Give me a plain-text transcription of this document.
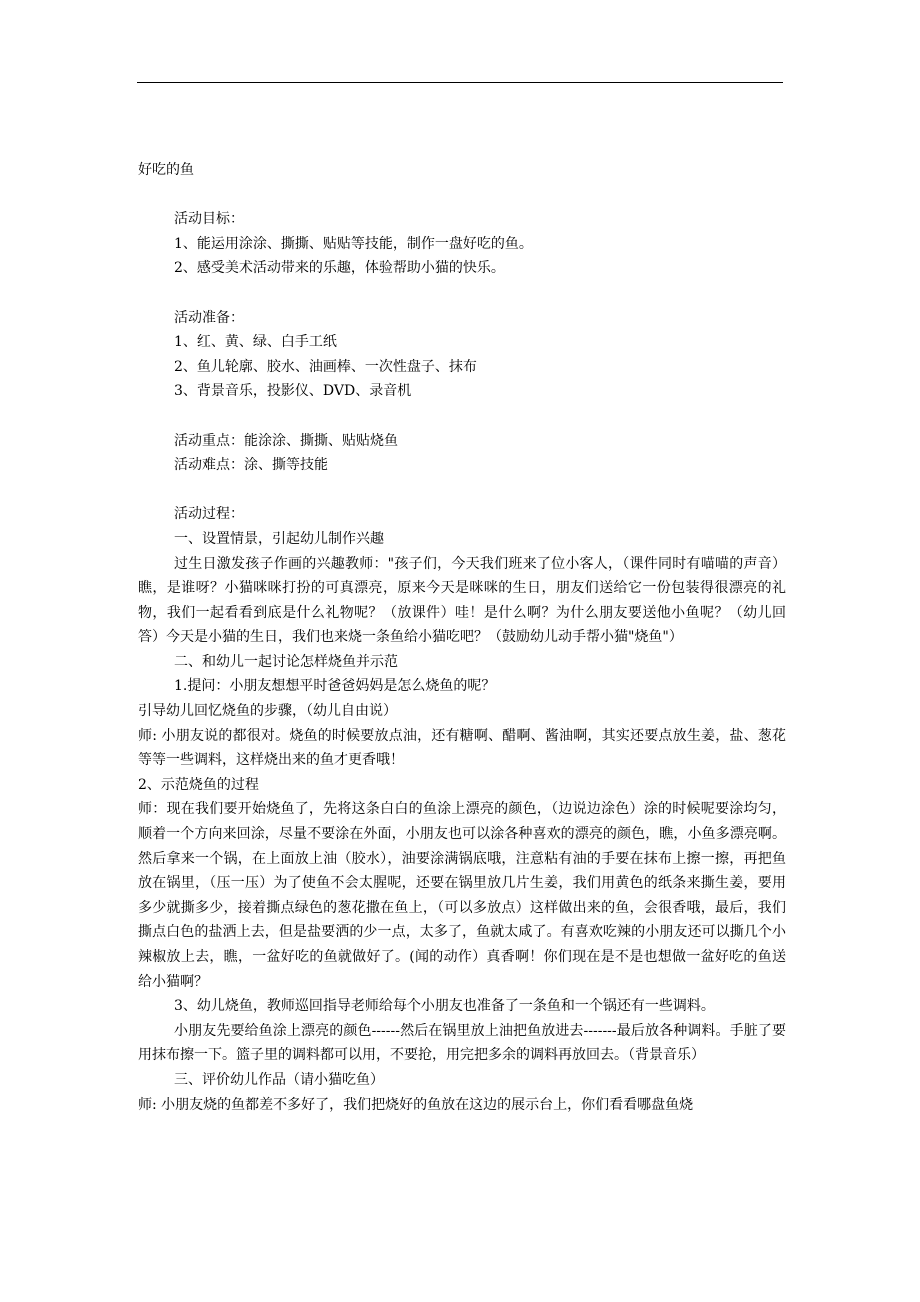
好吃的鱼
活动目标：
1、能运用涂涂、撕撕、贴贴等技能，制作一盘好吃的鱼。
2、感受美术活动带来的乐趣，体验帮助小猫的快乐。
活动准备：
1、红、黄、绿、白手工纸
2、鱼儿轮廓、胶水、油画棒、一次性盘子、抹布
3、背景音乐，投影仪、DVD、录音机
活动重点：能涂涂、撕撕、贴贴烧鱼
活动难点：涂、撕等技能
活动过程：
一、设置情景，引起幼儿制作兴趣
过生日激发孩子作画的兴趣教师："孩子们，今天我们班来了位小客人，（课件同时有喵喵的声音）瞧，是谁呀？小猫咪咪打扮的可真漂亮，原来今天是咪咪的生日，朋友们送给它一份包装得很漂亮的礼物，我们一起看看到底是什么礼物呢？（放课件）哇！是什么啊？为什么朋友要送他小鱼呢？（幼儿回答）今天是小猫的生日，我们也来烧一条鱼给小猫吃吧？（鼓励幼儿动手帮小猫"烧鱼"）
二、和幼儿一起讨论怎样烧鱼并示范
1.提问：小朋友想想平时爸爸妈妈是怎么烧鱼的呢？
引导幼儿回忆烧鱼的步骤，（幼儿自由说）
师: 小朋友说的都很对。烧鱼的时候要放点油，还有糖啊、醋啊、酱油啊，其实还要点放生姜，盐、葱花等等一些调料，这样烧出来的鱼才更香哦！
2、示范烧鱼的过程
师：现在我们要开始烧鱼了，先将这条白白的鱼涂上漂亮的颜色，（边说边涂色）涂的时候呢要涂均匀，顺着一个方向来回涂，尽量不要涂在外面，小朋友也可以涂各种喜欢的漂亮的颜色，瞧，小鱼多漂亮啊。然后拿来一个锅，在上面放上油（胶水），油要涂满锅底哦，注意粘有油的手要在抹布上擦一擦，再把鱼放在锅里，（压一压）为了使鱼不会太腥呢，还要在锅里放几片生姜，我们用黄色的纸条来撕生姜，要用多少就撕多少，接着撕点绿色的葱花撒在鱼上，（可以多放点）这样做出来的鱼，会很香哦，最后，我们撕点白色的盐洒上去，但是盐要洒的少一点，太多了，鱼就太咸了。有喜欢吃辣的小朋友还可以撕几个小辣椒放上去，瞧，一盆好吃的鱼就做好了。(闻的动作）真香啊！你们现在是不是也想做一盆好吃的鱼送给小猫啊？
3、幼儿烧鱼，教师巡回指导老师给每个小朋友也准备了一条鱼和一个锅还有一些调料。
小朋友先要给鱼涂上漂亮的颜色------然后在锅里放上油把鱼放进去-------最后放各种调料。手脏了要用抹布擦一下。篮子里的调料都可以用，不要抢，用完把多余的调料再放回去。（背景音乐）
三、评价幼儿作品（请小猫吃鱼）
师: 小朋友烧的鱼都差不多好了，我们把烧好的鱼放在这边的展示台上，你们看看哪盘鱼烧
